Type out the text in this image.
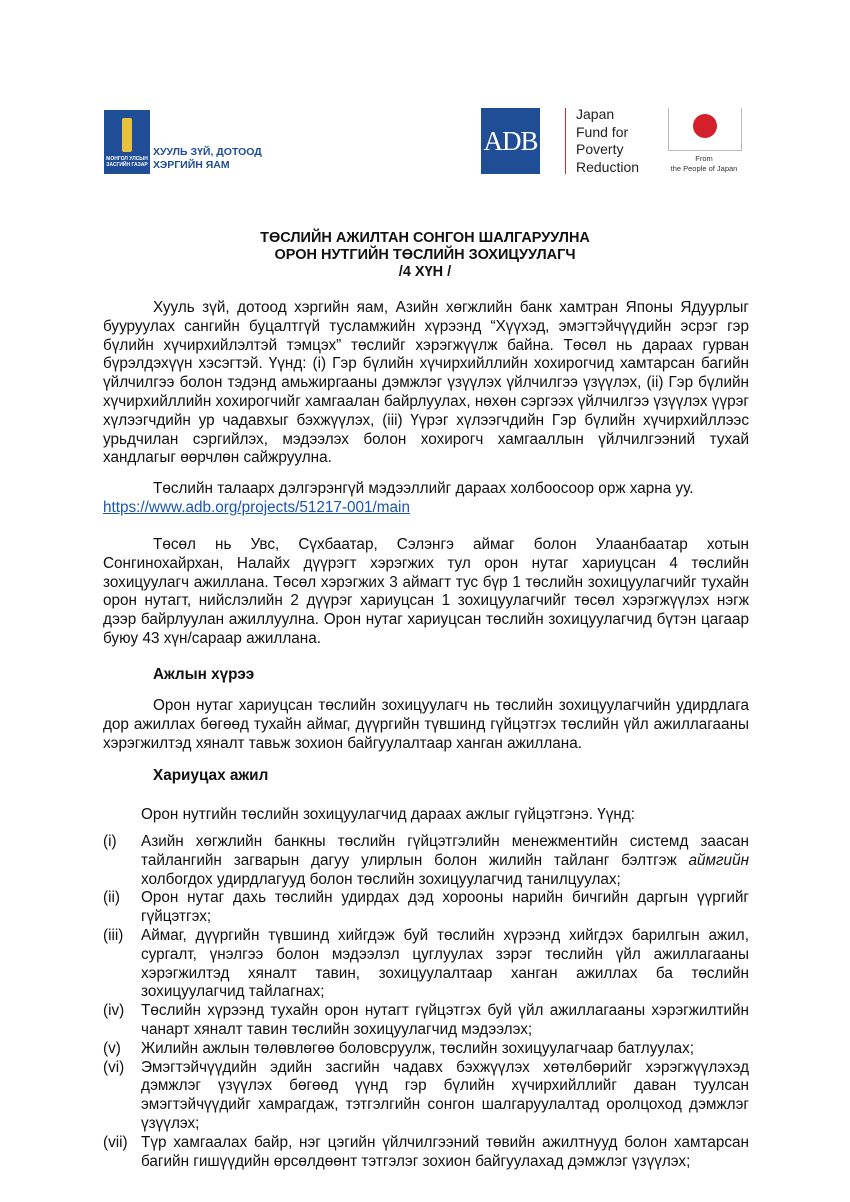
МОНГОЛ УЛСЫН ЗАСГИЙН ГАЗАР
ХУУЛЬ ЗҮЙ, ДОТООД
ХЭРГИЙН ЯАМ
ADB
Japan
Fund for
Poverty
Reduction	From
the People of Japan
ТӨСЛИЙН АЖИЛТАН СОНГОН ШАЛГАРУУЛНА
ОРОН НУТГИЙН ТӨСЛИЙН ЗОХИЦУУЛАГЧ
/4 ХҮН /

Хууль зүй, дотоод хэргийн яам, Азийн хөгжлийн банк хамтран Японы Ядуурлыг бууруулах сангийн буцалтгүй тусламжийн хүрээнд “Хүүхэд, эмэгтэйчүүдийн эсрэг гэр бүлийн хүчирхийлэлтэй тэмцэх” төслийг хэрэгжүүлж байна. Төсөл нь дараах гурван бүрэлдэхүүн хэсэгтэй. Үүнд: (i) Гэр бүлийн хүчирхийллийн хохирогчид хамтарсан багийн үйлчилгээ болон тэдэнд амьжиргааны дэмжлэг үзүүлэх үйлчилгээ үзүүлэх, (ii) Гэр бүлийн хүчирхийллийн хохирогчийг хамгаалан байрлуулах, нөхөн сэргээх үйлчилгээ үзүүлэх үүрэг хүлээгчдийн ур чадавхыг бэхжүүлэх, (iii) Үүрэг хүлээгчдийн Гэр бүлийн хүчирхийллээс урьдчилан сэргийлэх, мэдээлэх болон хохирогч хамгааллын үйлчилгээний тухай хандлагыг өөрчлөн сайжруулна.

Төслийн талаарх дэлгэрэнгүй мэдээллийг дараах холбоосоор орж харна уу.
https://www.adb.org/projects/51217-001/main

Төсөл нь Увс, Сүхбаатар, Сэлэнгэ аймаг болон Улаанбаатар хотын Сонгинохайрхан, Налайх дүүрэгт хэрэгжих тул орон нутаг хариуцсан 4 төслийн зохицуулагч ажиллана. Төсөл хэрэгжих 3 аймагт тус бүр 1 төслийн зохицуулагчийг тухайн орон нутагт, нийслэлийн 2 дүүрэг хариуцсан 1 зохицуулагчийг төсөл хэрэгжүүлэх нэгж дээр байрлуулан ажиллуулна. Орон нутаг хариуцсан төслийн зохицуулагчид бүтэн цагаар буюу 43 хүн/сараар ажиллана.

Ажлын хүрээ

Орон нутаг хариуцсан төслийн зохицуулагч нь төслийн зохицуулагчийн удирдлага дор ажиллах бөгөөд тухайн аймаг, дүүргийн түвшинд гүйцэтгэх төслийн үйл ажиллагааны хэрэгжилтэд хяналт тавьж зохион байгуулалтаар ханган ажиллана.

Хариуцах ажил
Орон нутгийн төслийн зохицуулагчид дараах ажлыг гүйцэтгэнэ. Үүнд:
(i)	Азийн хөгжлийн банкны төслийн гүйцэтгэлийн менежментийн системд заасан тайлангийн загварын дагуу улирлын болон жилийн тайланг бэлтгэж аймгийн холбогдох удирдлагууд болон төслийн зохицуулагчид танилцуулах;
(ii)	Орон нутаг дахь төслийн удирдах дэд хорооны нарийн бичгийн даргын үүргийг гүйцэтгэх;
(iii)	Аймаг, дүүргийн түвшинд хийгдэж буй төслийн хүрээнд хийгдэх барилгын ажил, сургалт, үнэлгээ болон мэдээлэл цуглуулах зэрэг төслийн үйл ажиллагааны хэрэгжилтэд хяналт тавин, зохицуулалтаар ханган ажиллах ба төслийн зохицуулагчид тайлагнах;
(iv)	Төслийн хүрээнд тухайн орон нутагт гүйцэтгэх буй үйл ажиллагааны хэрэгжилтийн чанарт хяналт тавин төслийн зохицуулагчид мэдээлэх;
(v)	Жилийн ажлын төлөвлөгөө боловсруулж, төслийн зохицуулагчаар батлуулах;
(vi)	Эмэгтэйчүүдийн эдийн засгийн чадавх бэхжүүлэх хөтөлбөрийг хэрэгжүүлэхэд дэмжлэг үзүүлэх бөгөөд үүнд гэр бүлийн хүчирхийллийг даван туулсан эмэгтэйчүүдийг хамрагдаж, тэтгэлгийн сонгон шалгаруулалтад оролцоход дэмжлэг үзүүлэх;
(vii) Түр хамгаалах байр, нэг цэгийн үйлчилгээний төвийн ажилтнууд болон хамтарсан багийн гишүүдийн өрсөлдөөнт тэтгэлэг зохион байгуулахад дэмжлэг үзүүлэх;
